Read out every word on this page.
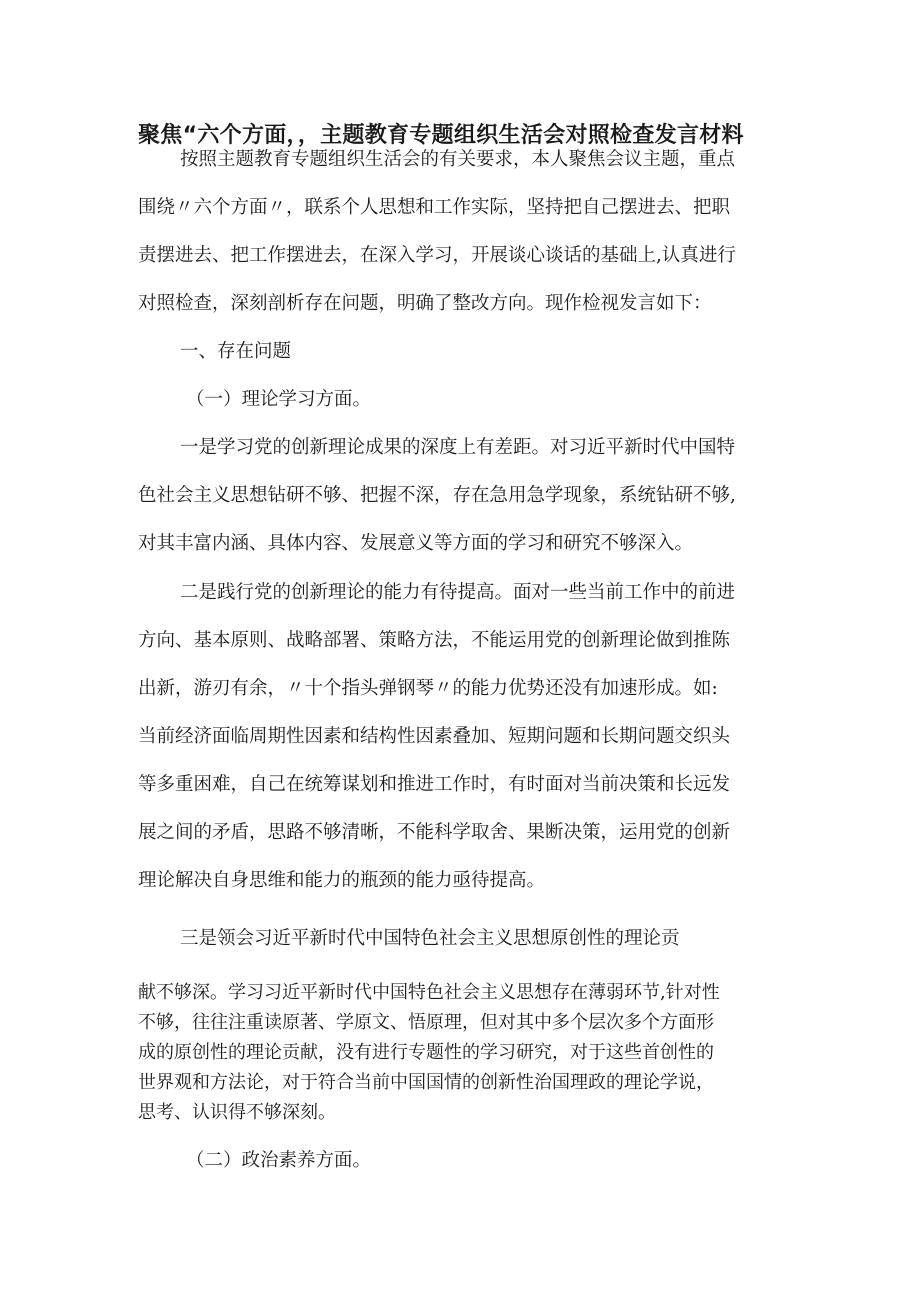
聚焦“六个方面，，主题教育专题组织生活会对照检查发言材料
按照主题教育专题组织生活会的有关要求，本人聚焦会议主题，重点
围绕〃六个方面〃，联系个人思想和工作实际，坚持把自己摆进去、把职
责摆进去、把工作摆进去，在深入学习，开展谈心谈话的基础上,认真进行
对照检查，深刻剖析存在问题，明确了整改方向。现作检视发言如下：
一、存在问题
（一）理论学习方面。
一是学习党的创新理论成果的深度上有差距。对习近平新时代中国特
色社会主义思想钻研不够、把握不深，存在急用急学现象，系统钻研不够,
对其丰富内涵、具体内容、发展意义等方面的学习和研究不够深入。
二是践行党的创新理论的能力有待提高。面对一些当前工作中的前进
方向、基本原则、战略部署、策略方法，不能运用党的创新理论做到推陈
出新，游刃有余，〃十个指头弹钢琴〃的能力优势还没有加速形成。如:
当前经济面临周期性因素和结构性因素叠加、短期问题和长期问题交织头
等多重困难，自己在统筹谋划和推进工作时，有时面对当前决策和长远发
展之间的矛盾，思路不够清晰，不能科学取舍、果断决策，运用党的创新
理论解决自身思维和能力的瓶颈的能力亟待提高。
三是领会习近平新时代中国特色社会主义思想原创性的理论贡
献不够深。学习习近平新时代中国特色社会主义思想存在薄弱环节,针对性
不够，往往注重读原著、学原文、悟原理，但对其中多个层次多个方面形
成的原创性的理论贡献，没有进行专题性的学习研究，对于这些首创性的
世界观和方法论，对于符合当前中国国情的创新性治国理政的理论学说，
思考、认识得不够深刻。
（二）政治素养方面。
